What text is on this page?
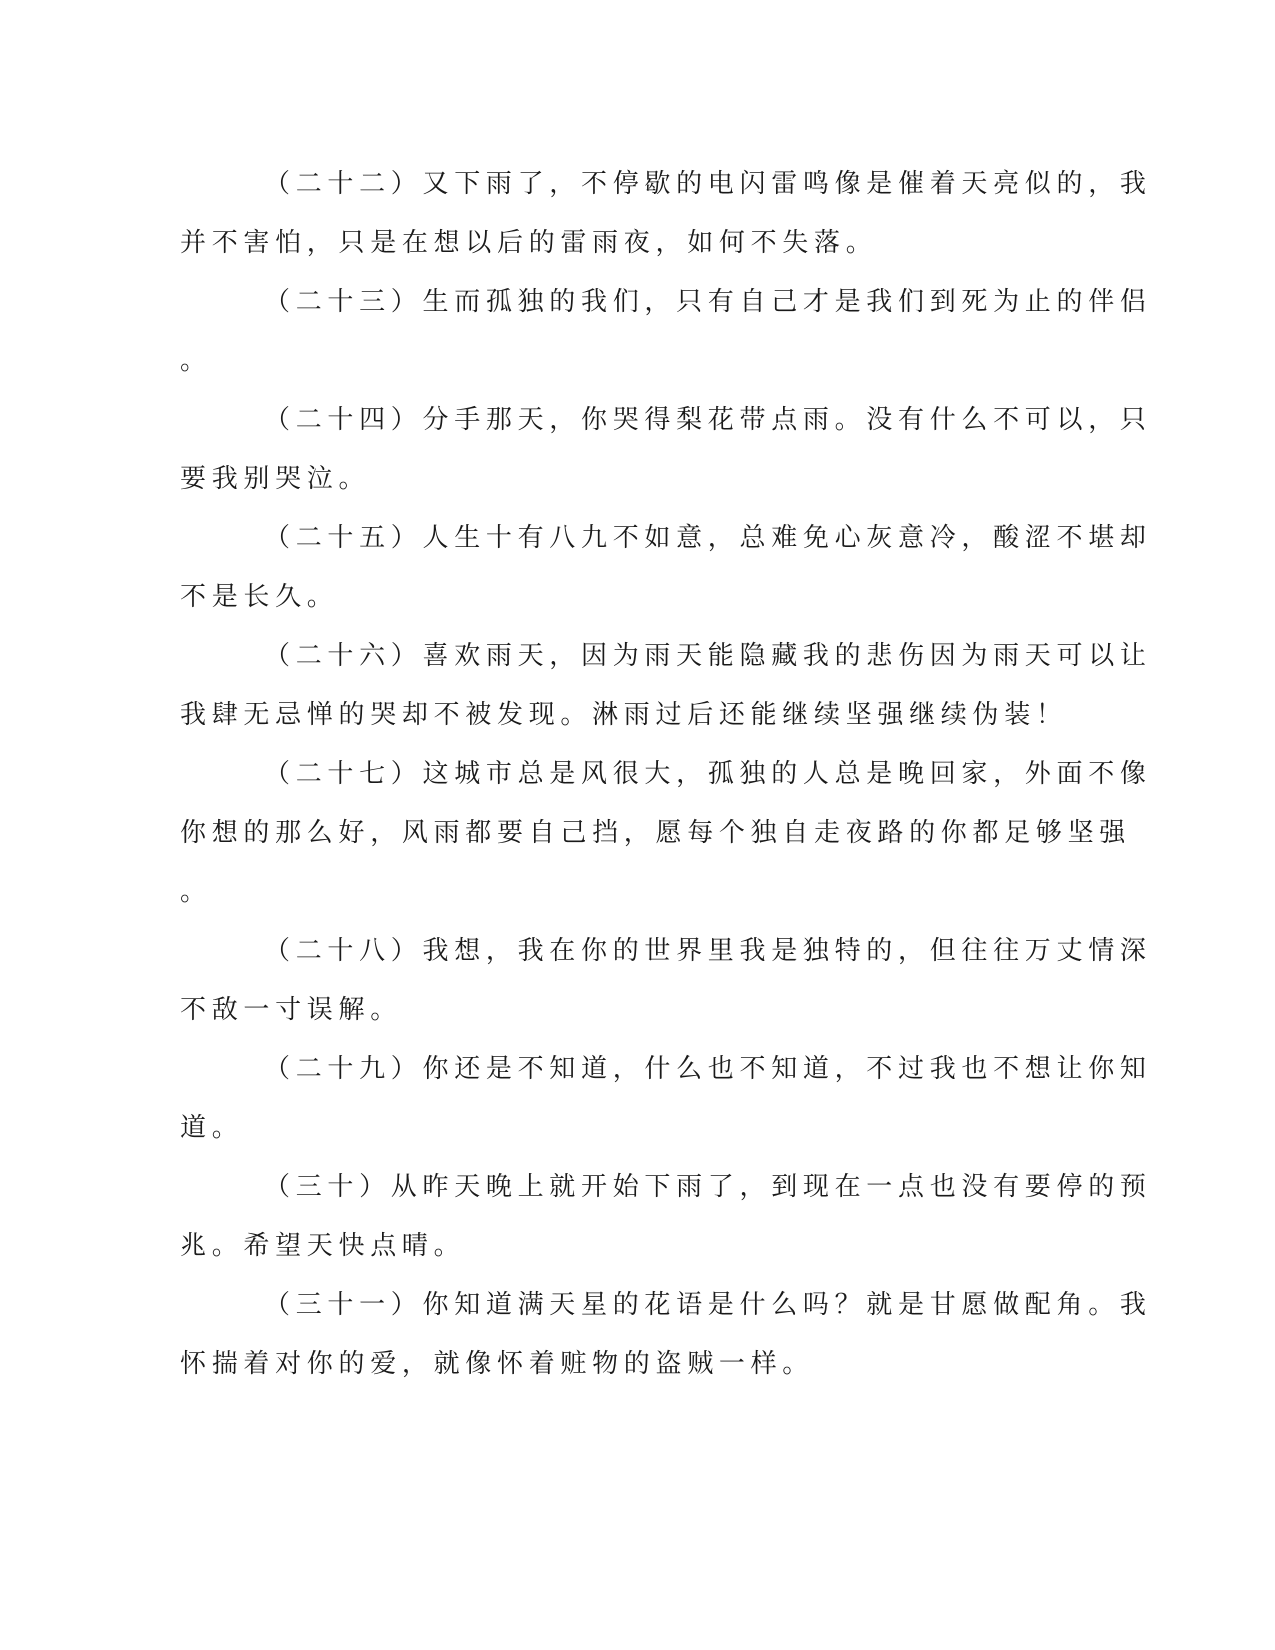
（二十二）又下雨了，不停歇的电闪雷鸣像是催着天亮似的，我
并不害怕，只是在想以后的雷雨夜，如何不失落。
（二十三）生而孤独的我们，只有自己才是我们到死为止的伴侣
。
（二十四）分手那天，你哭得梨花带点雨。没有什么不可以，只
要我别哭泣。
（二十五）人生十有八九不如意，总难免心灰意冷，酸涩不堪却
不是长久。
（二十六）喜欢雨天，因为雨天能隐藏我的悲伤因为雨天可以让
我肆无忌惮的哭却不被发现。淋雨过后还能继续坚强继续伪装！
（二十七）这城市总是风很大，孤独的人总是晚回家，外面不像
你想的那么好，风雨都要自己挡，愿每个独自走夜路的你都足够坚强
。
（二十八）我想，我在你的世界里我是独特的，但往往万丈情深
不敌一寸误解。
（二十九）你还是不知道，什么也不知道，不过我也不想让你知
道。
（三十）从昨天晚上就开始下雨了，到现在一点也没有要停的预
兆。希望天快点晴。
（三十一）你知道满天星的花语是什么吗？就是甘愿做配角。我
怀揣着对你的爱，就像怀着赃物的盗贼一样。
